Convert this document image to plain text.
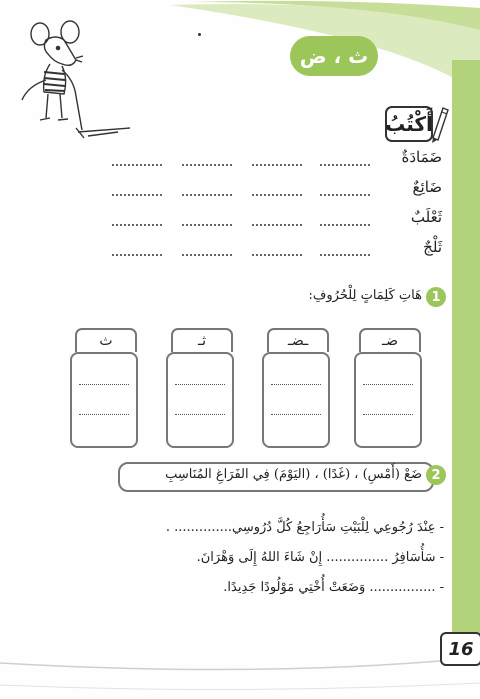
ث ، ض
أَكْتُبُ
ضَمَادَةٌ
ضَائِعٌ
ثَعْلَبٌ
ثَلْجٌ
1
هَاتِ كَلِمَاتٍ لِلْحُرُوفِ:
ضـ
ـضـ
ثـ
ث
2
ضَعْ (أَمْسِ) ، (غَدًا) ، (اليَوْمَ) فِي الفَرَاغِ المُنَاسِبِ
- عِنْدَ رُجُوعِي لِلْبَيْتِ سَأُرَاجِعُ كُلَّ دُرُوسِي.............. .
- سَأُسَافِرُ ............... إِنْ شَاءَ اللهُ إِلَى وَهْرَانَ.
- ................ وَضَعَتْ أُخْتِي مَوْلُودًا جَدِيدًا.
16
